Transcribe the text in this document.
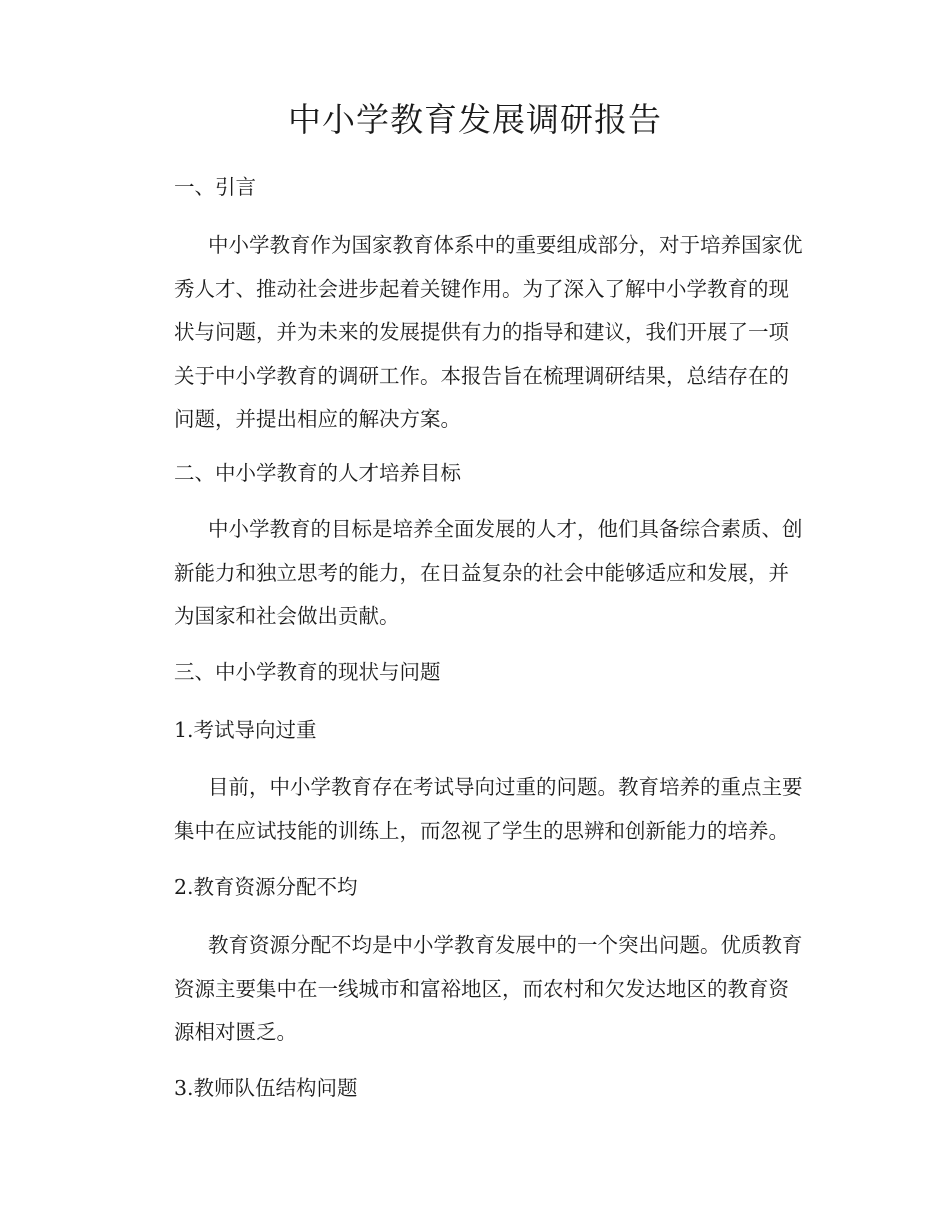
中小学教育发展调研报告
一、引言
中小学教育作为国家教育体系中的重要组成部分，对于培养国家优
秀人才、推动社会进步起着关键作用。为了深入了解中小学教育的现
状与问题，并为未来的发展提供有力的指导和建议，我们开展了一项
关于中小学教育的调研工作。本报告旨在梳理调研结果，总结存在的
问题，并提出相应的解决方案。
二、中小学教育的人才培养目标
中小学教育的目标是培养全面发展的人才，他们具备综合素质、创
新能力和独立思考的能力，在日益复杂的社会中能够适应和发展，并
为国家和社会做出贡献。
三、中小学教育的现状与问题
1.考试导向过重
目前，中小学教育存在考试导向过重的问题。教育培养的重点主要
集中在应试技能的训练上，而忽视了学生的思辨和创新能力的培养。
2.教育资源分配不均
教育资源分配不均是中小学教育发展中的一个突出问题。优质教育
资源主要集中在一线城市和富裕地区，而农村和欠发达地区的教育资
源相对匮乏。
3.教师队伍结构问题
